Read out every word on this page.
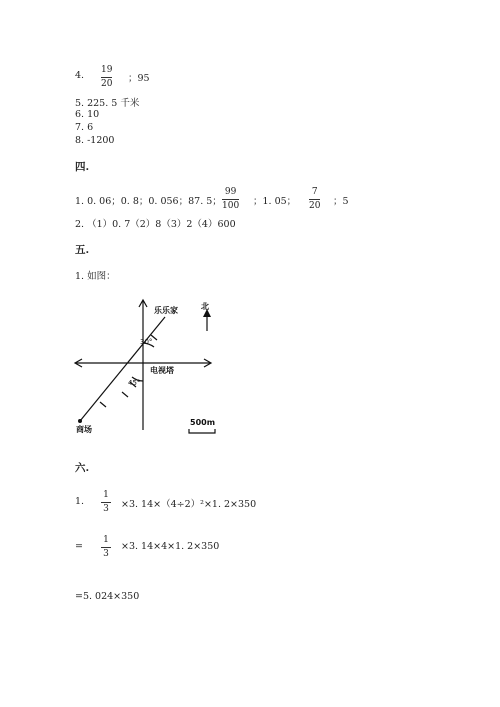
4. 19
20 ；95
5. 225. 5 千米
6. 10
7. 6
8. -1200
四.
1. 0. 06；0. 8；0. 056；87. 5；
99
100 ；1. 05；
7
20 ；5
2. （1）0. 7（2）8（3）2（4）600
五.
1. 如图：
乐乐家	北
30°
电视塔
45°
商场
500m
六.
1.
1
3 ×3. 14×（4÷2）²×1. 2×350
=
1
3
×3. 14×4×1. 2×350
=5. 024×350
